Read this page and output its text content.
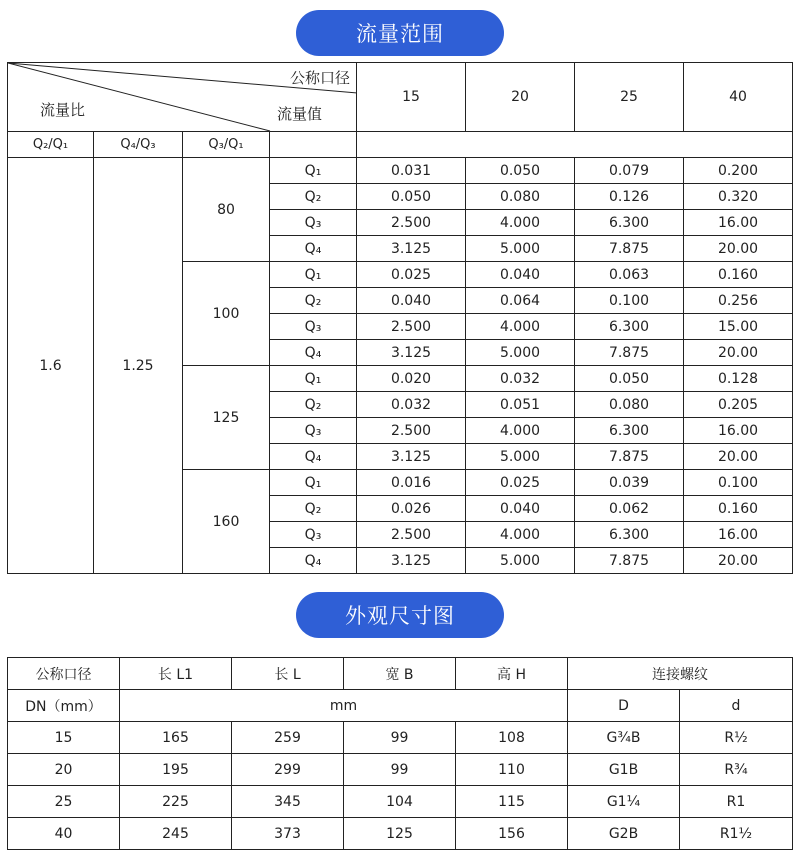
流量范围
公称口径
流量比 流量值				15	20	25	40
Q₂/Q₁	Q₄/Q₃	Q₃/Q₁					
1.6	1.25	80	Q₁	0.031	0.050	0.079	0.200
			Q₂	0.050	0.080	0.126	0.320
			Q₃	2.500	4.000	6.300	16.00
			Q₄	3.125	5.000	7.875	20.00
		100	Q₁	0.025	0.040	0.063	0.160
			Q₂	0.040	0.064	0.100	0.256
			Q₃	2.500	4.000	6.300	15.00
			Q₄	3.125	5.000	7.875	20.00
		125	Q₁	0.020	0.032	0.050	0.128
			Q₂	0.032	0.051	0.080	0.205
			Q₃	2.500	4.000	6.300	16.00
			Q₄	3.125	5.000	7.875	20.00
		160	Q₁	0.016	0.025	0.039	0.100
			Q₂	0.026	0.040	0.062	0.160
			Q₃	2.500	4.000	6.300	16.00
			Q₄	3.125	5.000	7.875	20.00
外观尺寸图
公称口径	长 L1	长 L	宽 B	高 H	连接螺纹	
DN（mm）	mm				D	d
15	165	259	99	108	G¾B	R½
20	195	299	99	110	G1B	R¾
25	225	345	104	115	G1¼	R1
40	245	373	125	156	G2B	R1½
